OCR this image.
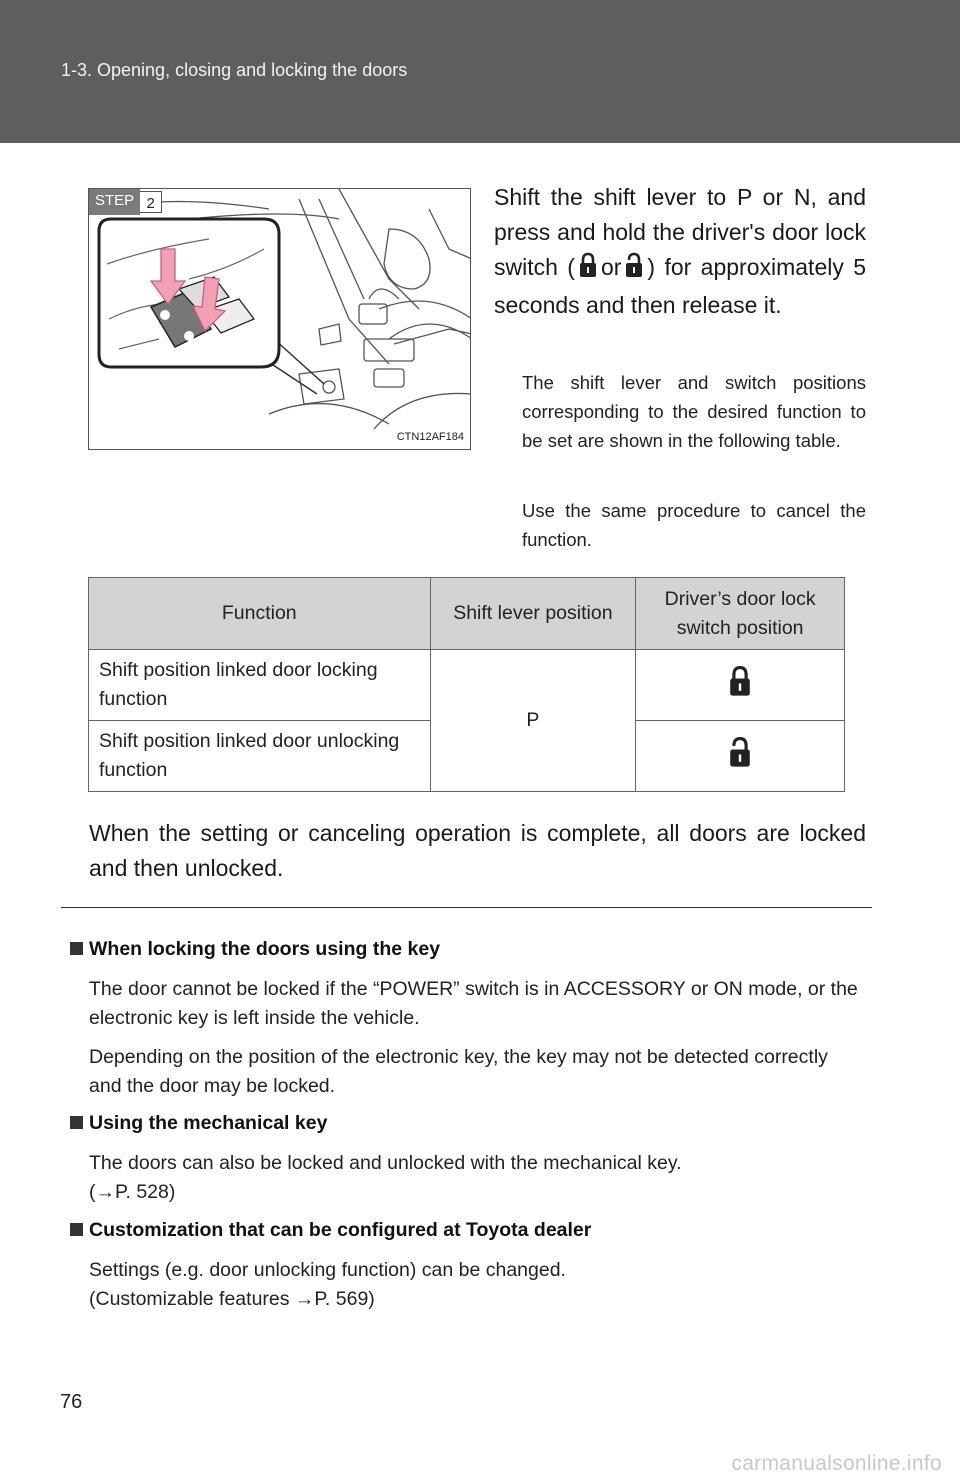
1-3. Opening, closing and locking the doors
STEP 2
CTN12AF184
Shift the shift lever to P or N, and press and hold the driver's door lock switch ( or ) for approximately 5 seconds and then release it.
The shift lever and switch positions corresponding to the desired function to be set are shown in the following table.
Use the same procedure to cancel the function.
Function	Shift lever position	Driver’s door lock switch position
Shift position linked door locking function	P	
Shift position linked door unlocking function	
When the setting or canceling operation is complete, all doors are locked and then unlocked.
When locking the doors using the key
The door cannot be locked if the “POWER” switch is in ACCESSORY or ON mode, or the electronic key is left inside the vehicle.
Depending on the position of the electronic key, the key may not be detected correctly and the door may be locked.
Using the mechanical key
The doors can also be locked and unlocked with the mechanical key.
(→P. 528)
Customization that can be configured at Toyota dealer
Settings (e.g. door unlocking function) can be changed.
(Customizable features →P. 569)
76
carmanualsonline.info
